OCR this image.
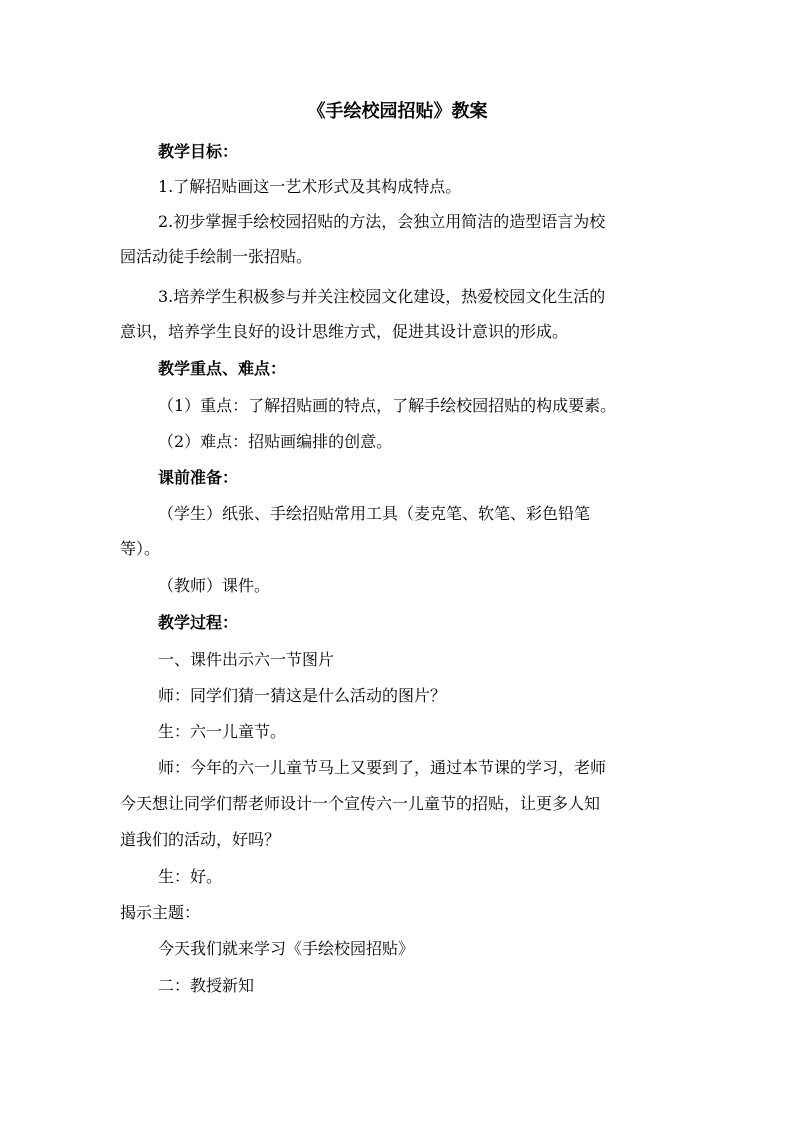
《手绘校园招贴》教案
教学目标：
1.了解招贴画这一艺术形式及其构成特点。
2.初步掌握手绘校园招贴的方法，会独立用简洁的造型语言为校
园活动徒手绘制一张招贴。
3.培养学生积极参与并关注校园文化建设，热爱校园文化生活的
意识，培养学生良好的设计思维方式，促进其设计意识的形成。
教学重点、难点：
（1）重点：了解招贴画的特点，了解手绘校园招贴的构成要素。
（2）难点：招贴画编排的创意。
课前准备：
（学生）纸张、手绘招贴常用工具（麦克笔、软笔、彩色铅笔
等）。
（教师）课件。
教学过程：
一、课件出示六一节图片
师：同学们猜一猜这是什么活动的图片？
生：六一儿童节。
师：今年的六一儿童节马上又要到了，通过本节课的学习，老师
今天想让同学们帮老师设计一个宣传六一儿童节的招贴，让更多人知
道我们的活动，好吗？
生：好。
揭示主题：
今天我们就来学习《手绘校园招贴》
二：教授新知
